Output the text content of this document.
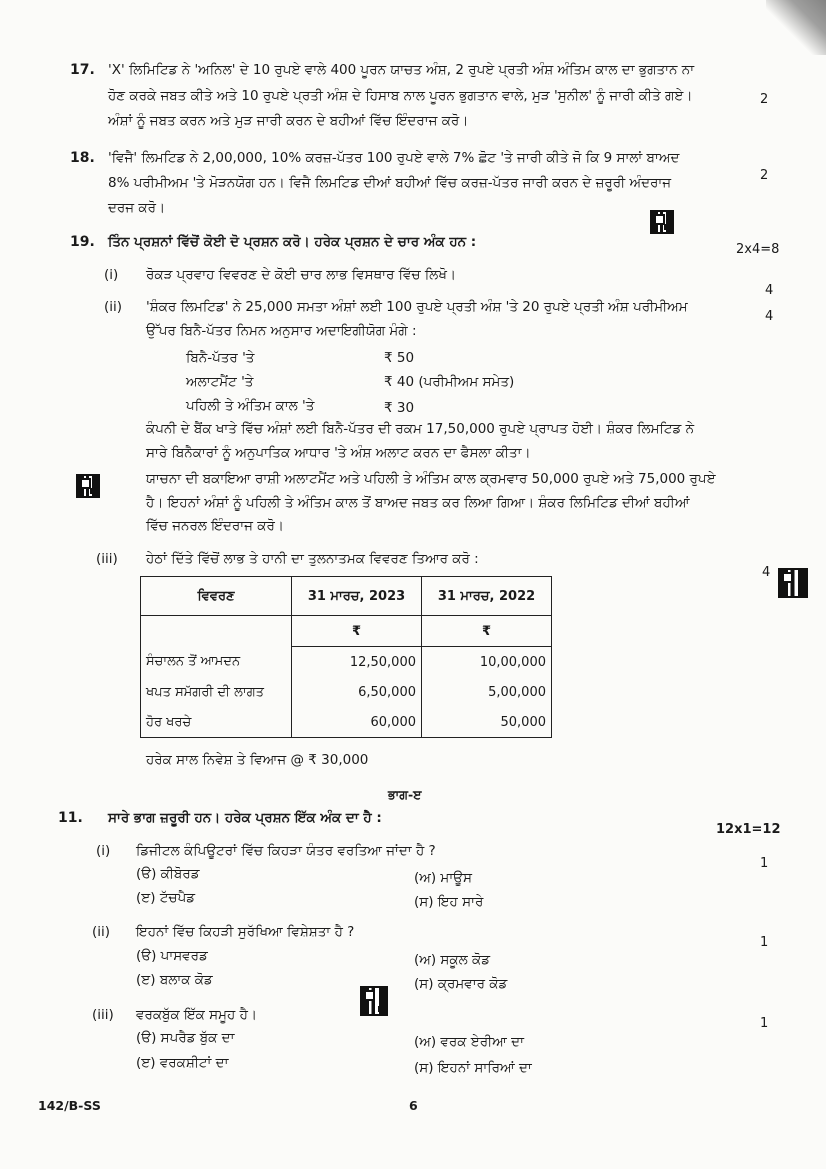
17. 'X' ਲਿਮਿਟਿਡ ਨੇ 'ਅਨਿਲ' ਦੇ 10 ਰੁਪਏ ਵਾਲੇ 400 ਪੂਰਨ ਯਾਚਤ ਅੰਸ਼, 2 ਰੁਪਏ ਪ੍ਰਤੀ ਅੰਸ਼ ਅੰਤਿਮ ਕਾਲ ਦਾ ਭੁਗਤਾਨ ਨਾ
ਹੋਣ ਕਰਕੇ ਜਬਤ ਕੀਤੇ ਅਤੇ 10 ਰੁਪਏ ਪ੍ਰਤੀ ਅੰਸ਼ ਦੇ ਹਿਸਾਬ ਨਾਲ ਪੂਰਨ ਭੁਗਤਾਨ ਵਾਲੇ, ਮੁੜ 'ਸੁਨੀਲ' ਨੂੰ ਜਾਰੀ ਕੀਤੇ ਗਏ।
ਅੰਸ਼ਾਂ ਨੂੰ ਜਬਤ ਕਰਨ ਅਤੇ ਮੁੜ ਜਾਰੀ ਕਰਨ ਦੇ ਬਹੀਆਂ ਵਿੱਚ ਇੰਦਰਾਜ ਕਰੋ।
2
18. 'ਵਿਜੈ' ਲਿਮਟਿਡ ਨੇ 2,00,000, 10% ਕਰਜ਼-ਪੱਤਰ 100 ਰੁਪਏ ਵਾਲੇ 7% ਛੋਟ 'ਤੇ ਜਾਰੀ ਕੀਤੇ ਜੋ ਕਿ 9 ਸਾਲਾਂ ਬਾਅਦ
8% ਪਰੀਮੀਅਮ 'ਤੇ ਮੋੜਨਯੋਗ ਹਨ। ਵਿਜੈ ਲਿਮਟਿਡ ਦੀਆਂ ਬਹੀਆਂ ਵਿੱਚ ਕਰਜ਼-ਪੱਤਰ ਜਾਰੀ ਕਰਨ ਦੇ ਜ਼ਰੂਰੀ ਅੰਦਰਾਜ
ਦਰਜ ਕਰੋ।
2
19. ਤਿੰਨ ਪ੍ਰਸ਼ਨਾਂ ਵਿੱਚੋਂ ਕੋਈ ਦੋ ਪ੍ਰਸ਼ਨ ਕਰੋ। ਹਰੇਕ ਪ੍ਰਸ਼ਨ ਦੇ ਚਾਰ ਅੰਕ ਹਨ :	2x4=8
(i) ਰੋਕੜ ਪ੍ਰਵਾਹ ਵਿਵਰਣ ਦੇ ਕੋਈ ਚਾਰ ਲਾਭ ਵਿਸਥਾਰ ਵਿੱਚ ਲਿਖੋ।
4
(ii) 'ਸ਼ੰਕਰ ਲਿਮਟਿਡ' ਨੇ 25,000 ਸਮਤਾ ਅੰਸ਼ਾਂ ਲਈ 100 ਰੁਪਏ ਪ੍ਰਤੀ ਅੰਸ਼ 'ਤੇ 20 ਰੁਪਏ ਪ੍ਰਤੀ ਅੰਸ਼ ਪਰੀਮੀਅਮ
ਉੱਪਰ ਬਿਨੈ-ਪੱਤਰ ਨਿਮਨ ਅਨੁਸਾਰ ਅਦਾਇਗੀਯੋਗ ਮੰਗੇ :
4
ਬਿਨੈ-ਪੱਤਰ 'ਤੇ	₹ 50
ਅਲਾਟਮੈਂਟ 'ਤੇ	₹ 40 (ਪਰੀਮੀਅਮ ਸਮੇਤ)
ਪਹਿਲੀ ਤੇ ਅੰਤਿਮ ਕਾਲ 'ਤੇ	₹ 30
ਕੰਪਨੀ ਦੇ ਬੈਂਕ ਖਾਤੇ ਵਿੱਚ ਅੰਸ਼ਾਂ ਲਈ ਬਿਨੈ-ਪੱਤਰ ਦੀ ਰਕਮ 17,50,000 ਰੁਪਏ ਪ੍ਰਾਪਤ ਹੋਈ। ਸ਼ੰਕਰ ਲਿਮਟਿਡ ਨੇ
ਸਾਰੇ ਬਿਨੈਕਾਰਾਂ ਨੂੰ ਅਨੁਪਾਤਿਕ ਆਧਾਰ 'ਤੇ ਅੰਸ਼ ਅਲਾਟ ਕਰਨ ਦਾ ਫੈਸਲਾ ਕੀਤਾ।
ਯਾਚਨਾ ਦੀ ਬਕਾਇਆ ਰਾਸ਼ੀ ਅਲਾਟਮੈਂਟ ਅਤੇ ਪਹਿਲੀ ਤੇ ਅੰਤਿਮ ਕਾਲ ਕ੍ਰਮਵਾਰ 50,000 ਰੁਪਏ ਅਤੇ 75,000 ਰੁਪਏ
ਹੈ। ਇਹਨਾਂ ਅੰਸ਼ਾਂ ਨੂੰ ਪਹਿਲੀ ਤੇ ਅੰਤਿਮ ਕਾਲ ਤੋਂ ਬਾਅਦ ਜਬਤ ਕਰ ਲਿਆ ਗਿਆ। ਸ਼ੰਕਰ ਲਿਮਿਟਿਡ ਦੀਆਂ ਬਹੀਆਂ
ਵਿੱਚ ਜਨਰਲ ਇੰਦਰਾਜ ਕਰੋ।
(iii) ਹੇਠਾਂ ਦਿੱਤੇ ਵਿੱਚੋਂ ਲਾਭ ਤੇ ਹਾਨੀ ਦਾ ਤੁਲਨਾਤਮਕ ਵਿਵਰਣ ਤਿਆਰ ਕਰੋ :
4
ਵਿਵਰਣ	31 ਮਾਰਚ, 2023	31 ਮਾਰਚ, 2022
	₹	₹
ਸੰਚਾਲਨ ਤੋਂ ਆਮਦਨ	12,50,000	10,00,000
ਖਪਤ ਸਮੱਗਰੀ ਦੀ ਲਾਗਤ	6,50,000	5,00,000
ਹੋਰ ਖਰਚੇ	60,000	50,000
ਹਰੇਕ ਸਾਲ ਨਿਵੇਸ਼ ਤੇ ਵਿਆਜ @ ₹ 30,000
ਭਾਗ-ੲ
11. ਸਾਰੇ ਭਾਗ ਜ਼ਰੂਰੀ ਹਨ। ਹਰੇਕ ਪ੍ਰਸ਼ਨ ਇੱਕ ਅੰਕ ਦਾ ਹੈ :
12x1=12
(i) ਡਿਜੀਟਲ ਕੰਪਿਊਟਰਾਂ ਵਿੱਚ ਕਿਹੜਾ ਯੰਤਰ ਵਰਤਿਆ ਜਾਂਦਾ ਹੈ ?
1
(ੳ) ਕੀਬੋਰਡ	(ਅ) ਮਾਊਸ
(ੲ) ਟੱਚਪੈਡ	(ਸ) ਇਹ ਸਾਰੇ
(ii) ਇਹਨਾਂ ਵਿੱਚ ਕਿਹੜੀ ਸੁਰੱਖਿਆ ਵਿਸ਼ੇਸ਼ਤਾ ਹੈ ?
1
(ੳ) ਪਾਸਵਰਡ	(ਅ) ਸਕੂਲ ਕੋਡ
(ੲ) ਬਲਾਕ ਕੋਡ	(ਸ) ਕ੍ਰਮਵਾਰ ਕੋਡ
(iii) ਵਰਕਬੁੱਕ ਇੱਕ ਸਮੂਹ ਹੈ।
1
(ੳ) ਸਪਰੈਡ ਬੁੱਕ ਦਾ	(ਅ) ਵਰਕ ਏਰੀਆ ਦਾ
(ੲ) ਵਰਕਸ਼ੀਟਾਂ ਦਾ	(ਸ) ਇਹਨਾਂ ਸਾਰਿਆਂ ਦਾ
142/B-SS	6
